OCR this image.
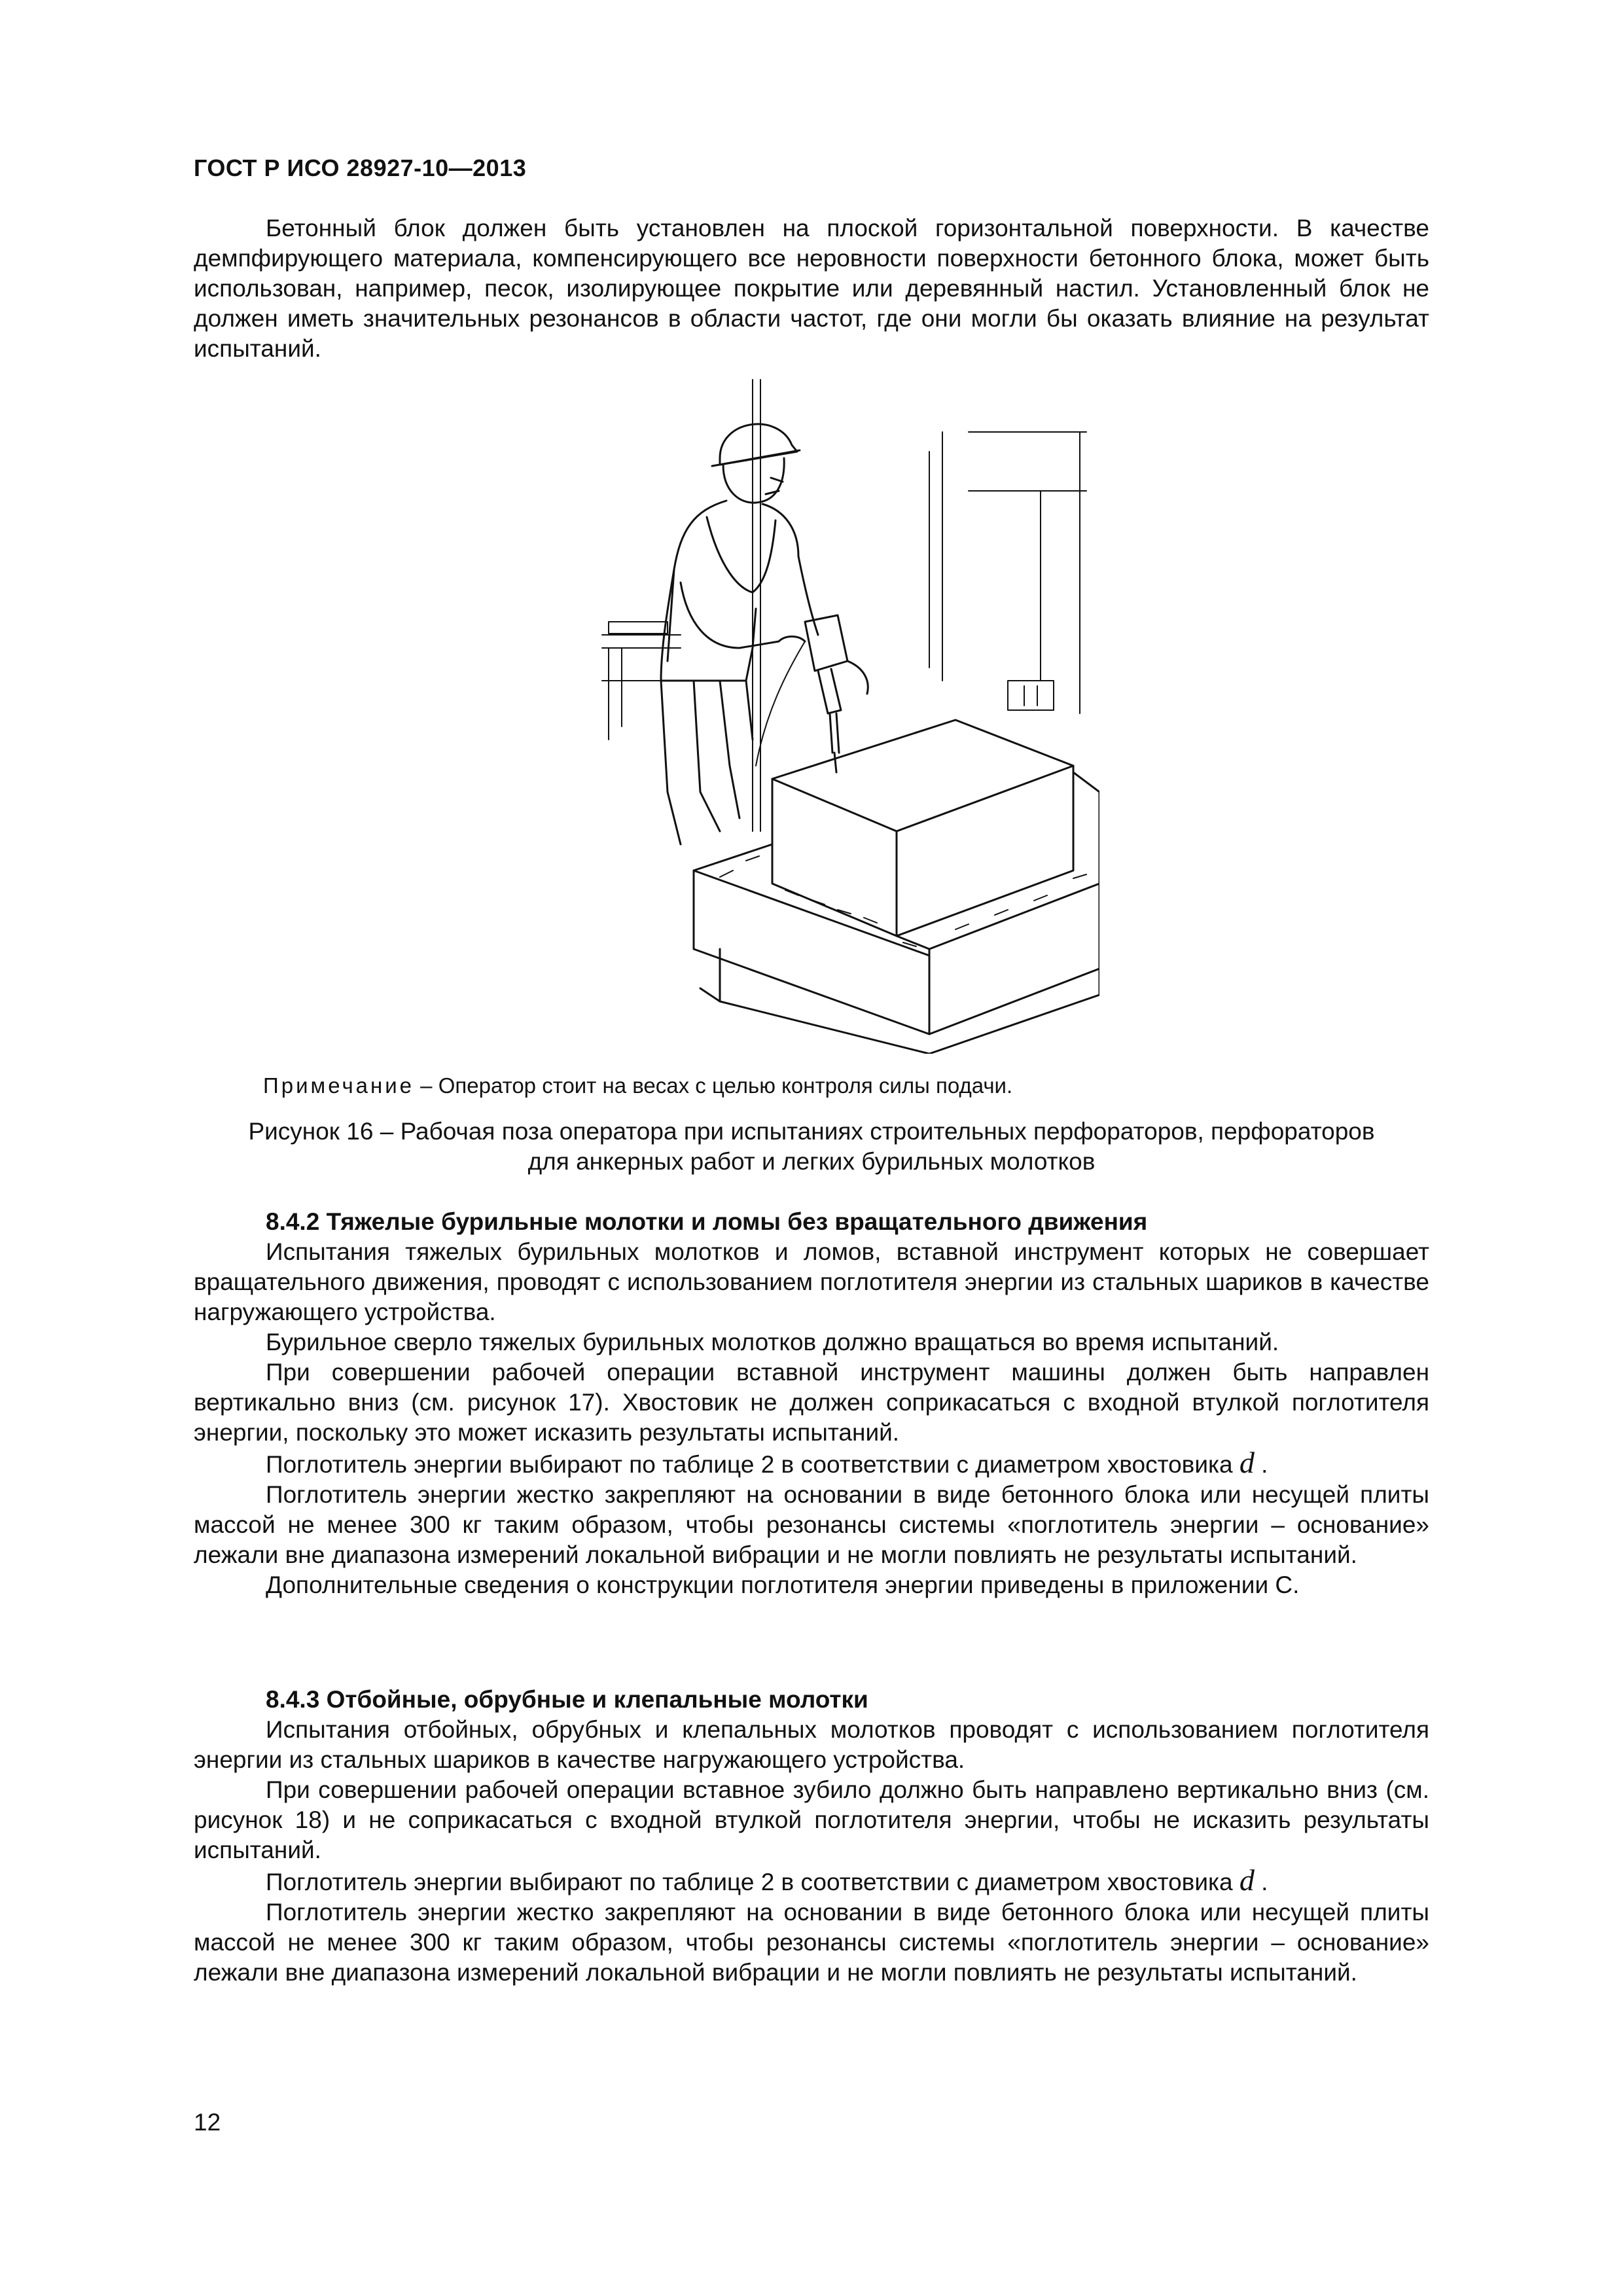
ГОСТ Р ИСО 28927-10—2013

Бетонный блок должен быть установлен на плоской горизонтальной поверхности. В качестве демпфирующего материала, компенсирующего все неровности поверхности бетонного блока, может быть использован, например, песок, изолирующее покрытие или деревянный настил. Установленный блок не должен иметь значительных резонансов в области частот, где они могли бы оказать влияние на результат испытаний.

Примечание – Оператор стоит на весах с целью контроля силы подачи.
Рисунок 16 – Рабочая поза оператора при испытаниях строительных перфораторов, перфораторов
для анкерных работ и легких бурильных молотков

8.4.2 Тяжелые бурильные молотки и ломы без вращательного движения

Испытания тяжелых бурильных молотков и ломов, вставной инструмент которых не совершает вращательного движения, проводят с использованием поглотителя энергии из стальных шариков в качестве нагружающего устройства.

Бурильное сверло тяжелых бурильных молотков должно вращаться во время испытаний.

При совершении рабочей операции вставной инструмент машины должен быть направлен вертикально вниз (см. рисунок 17). Хвостовик не должен соприкасаться с входной втулкой поглотителя энергии, поскольку это может исказить результаты испытаний.

Поглотитель энергии выбирают по таблице 2 в соответствии с диаметром хвостовика d .

Поглотитель энергии жестко закрепляют на основании в виде бетонного блока или несущей плиты массой не менее 300 кг таким образом, чтобы резонансы системы «поглотитель энергии – основание» лежали вне диапазона измерений локальной вибрации и не могли повлиять не результаты испытаний.

Дополнительные сведения о конструкции поглотителя энергии приведены в приложении С.

8.4.3 Отбойные, обрубные и клепальные молотки

Испытания отбойных, обрубных и клепальных молотков проводят с использованием поглотителя энергии из стальных шариков в качестве нагружающего устройства.

При совершении рабочей операции вставное зубило должно быть направлено вертикально вниз (см. рисунок 18) и не соприкасаться с входной втулкой поглотителя энергии, чтобы не исказить результаты испытаний.

Поглотитель энергии выбирают по таблице 2 в соответствии с диаметром хвостовика d .

Поглотитель энергии жестко закрепляют на основании в виде бетонного блока или несущей плиты массой не менее 300 кг таким образом, чтобы резонансы системы «поглотитель энергии – основание» лежали вне диапазона измерений локальной вибрации и не могли повлиять не результаты испытаний.

12
